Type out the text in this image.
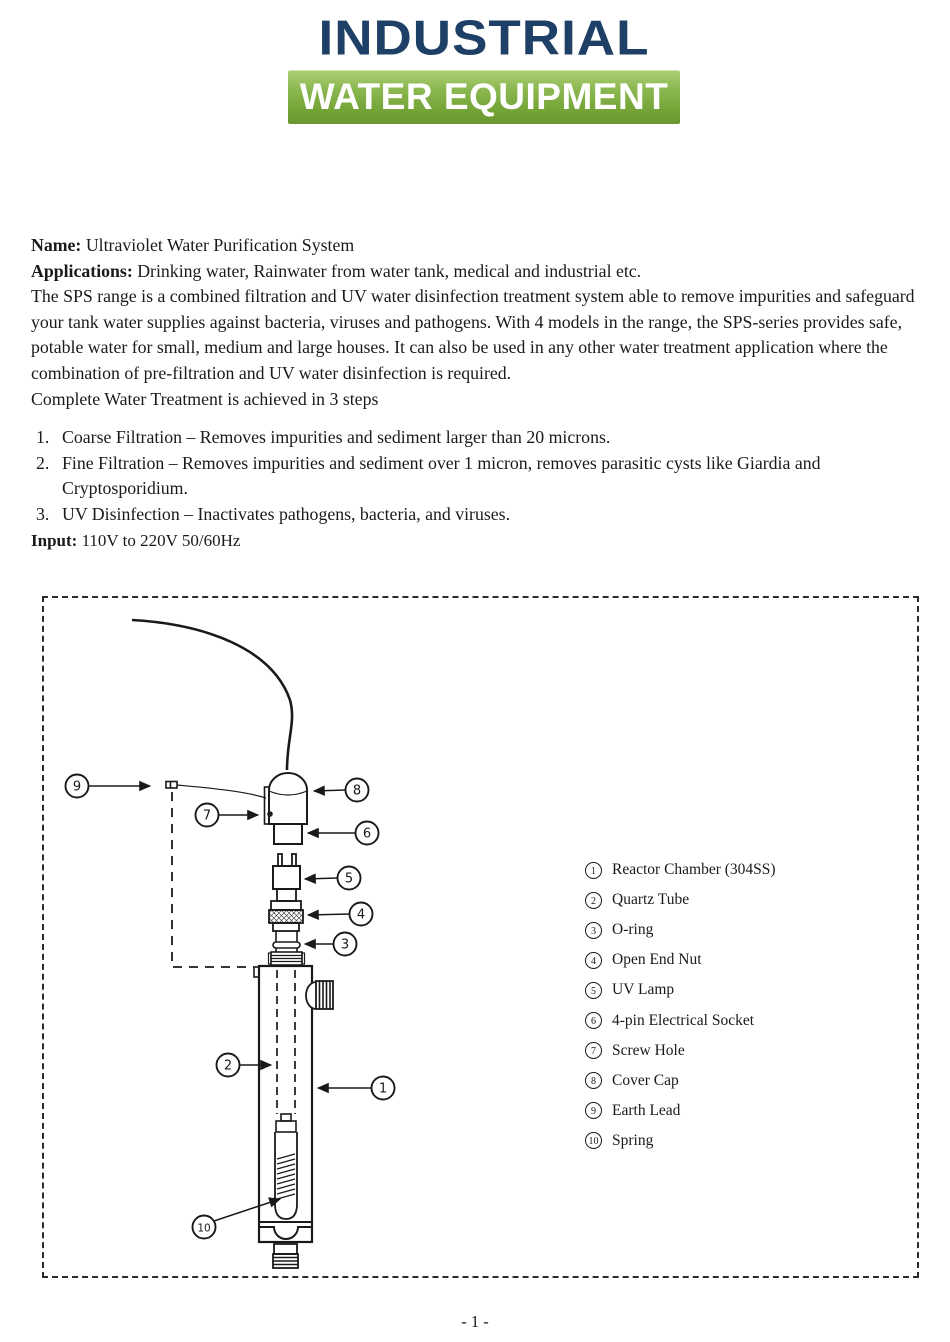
INDUSTRIAL
WATER EQUIPMENT

Name: Ultraviolet Water Purification System

Applications: Drinking water, Rainwater from water tank, medical and industrial etc.

The SPS range is a combined filtration and UV water disinfection treatment system able to remove impurities and safeguard your tank water supplies against bacteria, viruses and pathogens. With 4 models in the range, the SPS-series provides safe, potable water for small, medium and large houses. It can also be used in any other water treatment application where the combination of pre-filtration and UV water disinfection is required.

Complete Water Treatment is achieved in 3 steps

1. Coarse Filtration – Removes impurities and sediment larger than 20 microns.
2. Fine Filtration – Removes impurities and sediment over 1 micron, removes parasitic cysts like Giardia and Cryptosporidium.
3. UV Disinfection – Inactivates pathogens, bacteria, and viruses.

Input: 110V to 220V 50/60Hz

9
7
8
6
5
4
3
2
1
10
1	Reactor Chamber (304SS)
2	Quartz Tube
3	O-ring
4	Open End Nut
5	UV Lamp
6	4-pin Electrical Socket
7	Screw Hole
8	Cover Cap
9	Earth Lead
10 Spring
- 1 -
